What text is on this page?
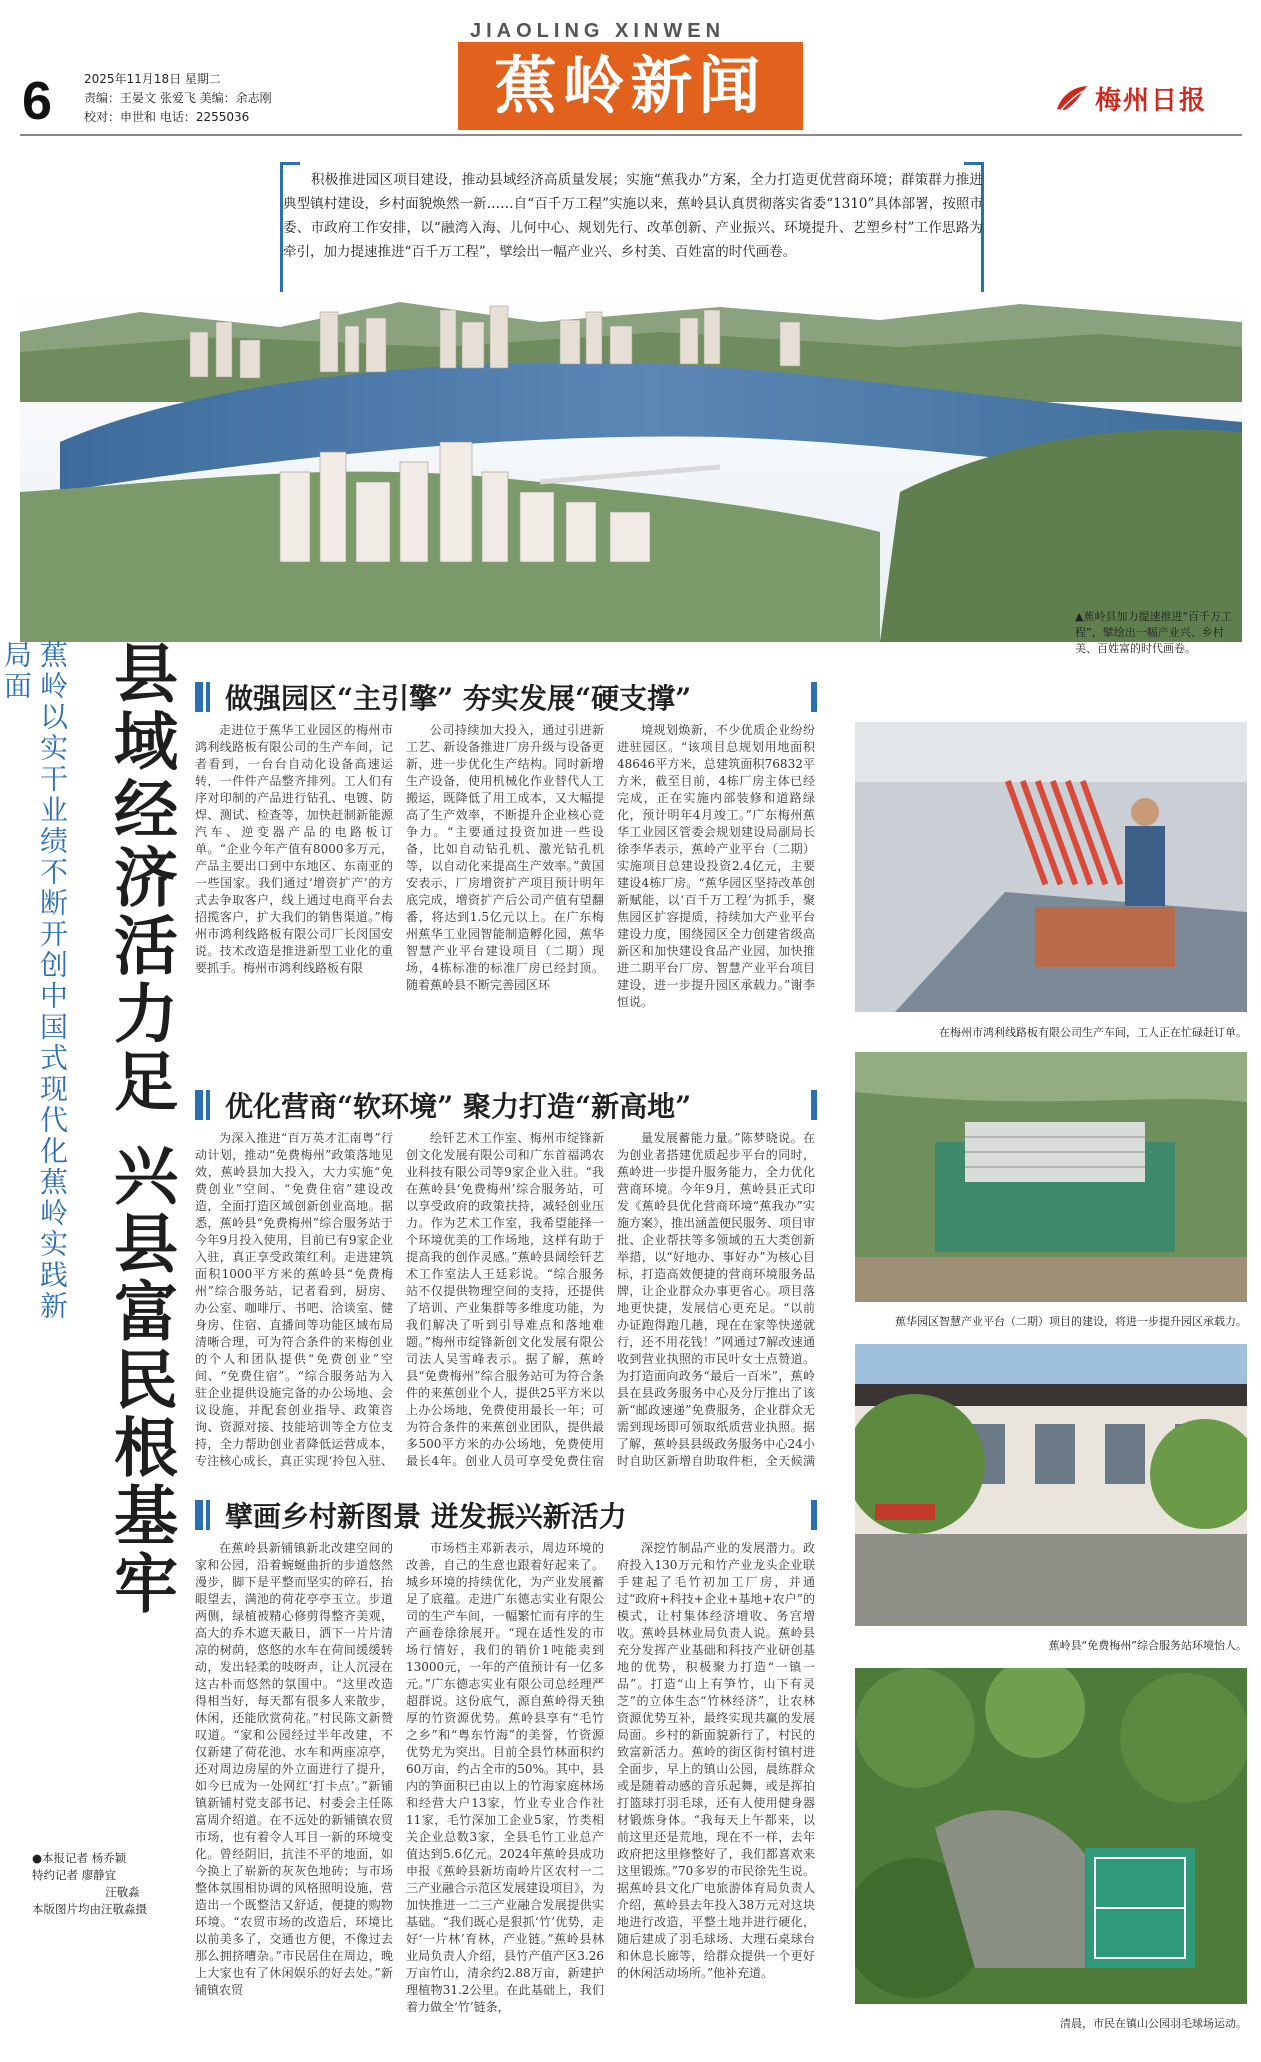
6	2025年11月18日 星期二
责编：王晏文 张爱飞 美编：余志刚
校对：申世和 电话：2255036
JIAOLING XINWEN
蕉岭新闻	梅州日报
积极推进园区项目建设，推动县域经济高质量发展；实施“蕉我办”方案，全力打造更优营商环境；群策群力推进典型镇村建设，乡村面貌焕然一新……自“百千万工程”实施以来，蕉岭县认真贯彻落实省委“1310”具体部署，按照市委、市政府工作安排，以“融湾入海、儿何中心、规划先行、改革创新、产业振兴、环境提升、艺塑乡村”工作思路为牵引，加力提速推进“百千万工程”，擘绘出一幅产业兴、乡村美、百姓富的时代画卷。
▲蕉岭县加力提速推进“百千万工程”，擘绘出一幅产业兴、乡村美、百姓富的时代画卷。
蕉岭以实干业绩不断开创中国式现代化蕉岭实践新局面	县域经济活力足 兴县富民根基牢
●本报记者 杨乔颖
特约记者 廖静宜
汪敬淼
本版图片均由汪敬淼摄
做强园区“主引擎” 夯实发展“硬支撑”

走进位于蕉华工业园区的梅州市鸿利线路板有限公司的生产车间，记者看到，一台台自动化设备高速运转，一件件产品整齐排列。工人们有序对印制的产品进行钻孔、电镀、防焊、测试、检查等，加快赶制新能源汽车、逆变器产品的电路板订单。“企业今年产值有8000多万元，产品主要出口到中东地区、东南亚的一些国家。我们通过‘增资扩产’的方式去争取客户，线上通过电商平台去招揽客户，扩大我们的销售渠道。”梅州市鸿利线路板有限公司厂长闵国安说。技术改造是推进新型工业化的重要抓手。梅州市鸿利线路板有限

公司持续加大投入，通过引进新工艺、新设备推进厂房升级与设备更新，进一步优化生产结构。同时新增生产设备，使用机械化作业替代人工搬运，既降低了用工成本，又大幅提高了生产效率，不断提升企业核心竞争力。“主要通过投资加进一些设备，比如自动钻孔机、激光钻孔机等，以自动化来提高生产效率。”黄国安表示，厂房增资扩产项目预计明年底完成，增资扩产后公司产值有望翻番，将达到1.5亿元以上。在广东梅州蕉华工业园智能制造孵化园，蕉华智慧产业平台建设项目（二期）现场，4栋标准的标准厂房已经封顶。随着蕉岭县不断完善园区环

境规划焕新，不少优质企业纷纷进驻园区。“该项目总规划用地面积48646平方米，总建筑面积76832平方米，截至目前，4栋厂房主体已经完成，正在实施内部装修和道路绿化，预计明年4月竣工。”广东梅州蕉华工业园区管委会规划建设局副局长徐李华表示，蕉岭产业平台（二期）实施项目总建设投资2.4亿元，主要建设4栋厂房。“蕉华园区坚持改革创新赋能，以‘百千万工程’为抓手，聚焦园区扩容提质，持续加大产业平台建设力度，围绕园区全力创建省级高新区和加快建设食品产业园，加快推进二期平台厂房、智慧产业平台项目建设，进一步提升园区承载力。”谢李恒说。

优化营商“软环境” 聚力打造“新高地”

为深入推进“百万英才汇南粤”行动计划，推动“免费梅州”政策落地见效，蕉岭县加大投入，大力实施“免费创业”空间、“免费住宿”建设改造，全面打造区域创新创业高地。据悉，蕉岭县“免费梅州”综合服务站于今年9月投入使用，目前已有9家企业入驻，真正享受政策红利。走进建筑面积1000平方米的蕉岭县“免费梅州”综合服务站，记者看到，厨房、办公室、咖啡厅、书吧、洽谈室、健身房、住宿、直播间等功能区域布局清晰合理，可为符合条件的来梅创业的个人和团队提供“免费创业”空间、“免费住宿”。“综合服务站为入驻企业提供设施完备的办公场地、会议设施，并配套创业指导、政策咨询、资源对接、技能培训等全方位支持，全力帮助创业者降低运营成本，专注核心成长，真正实现‘拎包入驻、

绘钎艺术工作室、梅州市绽锋新创文化发展有限公司和广东首福鸿农业科技有限公司等9家企业入驻。“我在蕉岭县‘免费梅州’综合服务站，可以享受政府的政策扶持，减轻创业压力。作为艺术工作室，我希望能择一个环境优美的工作场地，这样有助于提高我的创作灵感。”蕉岭县阔绘钎艺术工作室法人王廷彩说。“综合服务站不仅提供物理空间的支持，还提供了培训、产业集群等多维度功能，为我们解决了听到引导难点和落地难题。”梅州市绽锋新创文化发展有限公司法人吴雪峰表示。据了解，蕉岭县“免费梅州”综合服务站可为符合条件的来蕉创业个人，提供25平方米以上办公场地，免费使用最长一年；可为符合条件的来蕉创业团队，提供最多500平方米的办公场地，免费使用最长4年。创业人员可享受免费住宿

量发展蓄能力量。”陈梦晓说。在为创业者搭建优质起步平台的同时，蕉岭进一步提升服务能力，全力优化营商环境。今年9月，蕉岭县正式印发《蕉岭县优化营商环境“蕉我办”实施方案》，推出涵盖便民服务、项目审批、企业帮扶等多领域的五大类创新举措，以“好地办、事好办”为核心目标，打造高效便捷的营商环境服务品牌，让企业群众办事更省心。项目落地更快捷，发展信心更充足。“以前办证跑得跑几趟，现在在家等快递就行，还不用花钱！”网通过7解改速通收到营业执照的市民叶女士点赞道。为打造面向政务“最后一百米”，蕉岭县在县政务服务中心及分厅推出了该新“邮政速递”免费服务，企业群众无需到现场即可领取纸质营业执照。据了解，蕉岭县县级政务服务中心24小时自助区新增自助取件柜，全天候满

擘画乡村新图景 迸发振兴新活力

在蕉岭县新铺镇新北改建空间的家和公园，沿着蜿蜒曲折的步道悠然漫步，脚下是平整而坚实的碎石，抬眼望去，满池的荷花亭亭玉立。步道两侧，绿植被精心修剪得整齐美观，高大的乔木遮天蔽日，洒下一片片清凉的树荫，悠悠的水车在荷间缓缓转动，发出轻柔的吱呀声，让人沉浸在这古朴而悠然的氛围中。“这里改造得相当好，每天都有很多人来散步，休闲，还能欣赏荷花。”村民陈文新赞叹道。“家和公园经过半年改建，不仅新建了荷花池、水车和两座凉亭，还对周边房屋的外立面进行了提升，如今已成为一处网红‘打卡点’。”新铺镇新铺村党支部书记、村委会主任陈富周介绍道。在不远处的新铺镇农贸市场，也有着令人耳目一新的环境变化。曾经阴旧，抗洼不平的地面，如今换上了崭新的灰灰色地砖；与市场整体氛围相协调的风格照明设施，营造出一个既整洁又舒适，便捷的购物环境。“农贸市场的改造后，环境比以前美多了，交通也方便，不像过去那么拥挤嘈杂。”市民居住在周边，晚上大家也有了休闲娱乐的好去处。”新铺镇农贸

市场档主邓新表示，周边环境的改善，自己的生意也跟着好起来了。城乡环境的持续优化，为产业发展蓄足了底蕴。走进广东德志实业有限公司的生产车间，一幅繁忙而有序的生产画卷徐徐展开。“现在适性发的市场行情好，我们的销价1吨能卖到13000元，一年的产值预计有一亿多元。”广东德志实业有限公司总经理严超群说。这份底气，源自蕉岭得天独厚的竹资源优势。蕉岭县享有“毛竹之乡”和“粤东竹海”的美誉，竹资源优势尤为突出。目前全县竹林面积约60万亩，约占全市的50%。其中，县内的笋面积已由以上的竹海家庭林场和经营大户13家，竹业专业合作社11家，毛竹深加工企业5家，竹类相关企业总数3家，全县毛竹工业总产值达到5.6亿元。2024年蕉岭县成功申报《蕉岭县新坊南岭片区农村一二三产业融合示范区发展建设项目》，为加快推进一二三产业融合发展提供实基础。“我们既心是狠抓‘竹’优势，走好‘一片林’育林，产业链。”蕉岭县林业局负责人介绍，县竹产值产区3.26万亩竹山，清余约2.88万亩，新建护理植物31.2公里。在此基础上，我们着力做全‘竹’链条，

深挖竹制品产业的发展潜力。政府投入130万元和竹产业龙头企业联手建起了毛竹初加工厂房，并通过“政府+科技+企业+基地+农户”的模式，让村集体经济增收、务宫增收。蕉岭县林业局负责人说。蕉岭县充分发挥产业基础和科技产业研创基地的优势，积极聚力打造“一镇一品”。打造“山上有笋竹，山下有灵芝”的立体生态“竹林经济”，让农林资源优势互补，最终实现共赢的发展局面。乡村的新面貌新行了，村民的致富新活力。蕉岭的街区街村镇村进全面步，早上的镇山公园，晨练群众或是随着动感的音乐起舞，或是挥拍打篮球打羽毛球，还有人使用健身器材锻炼身体。“我每天上午都来，以前这里还是荒地，现在不一样，去年政府把这里修整好了，我们都喜欢来这里锻炼。”70多岁的市民徐先生说。据蕉岭县文化广电旅游体育局负责人介绍，蕉岭县去年投入38万元对这块地进行改造，平整土地并进行硬化，随后建成了羽毛球场、大理石桌球台和休息长廊等，给群众提供一个更好的休闲活动场所。”他补充道。

在梅州市鸿利线路板有限公司生产车间，工人正在忙碌赶订单。
蕉华园区智慧产业平台（二期）项目的建设，将进一步提升园区承载力。
蕉岭县“免费梅州”综合服务站环境怡人。
清晨，市民在镇山公园羽毛球场运动。
